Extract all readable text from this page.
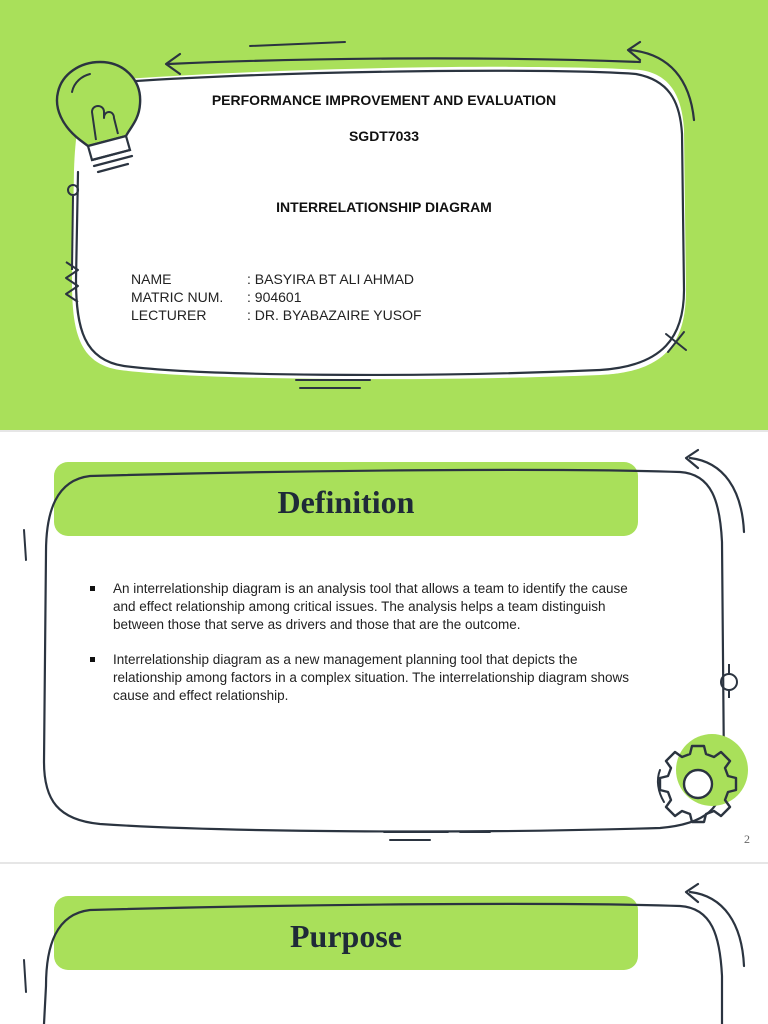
PERFORMANCE IMPROVEMENT AND EVALUATION

SGDT7033

INTERRELATIONSHIP DIAGRAM

NAME	: BASYIRA BT ALI AHMAD
MATRIC NUM. : 904601
LECTURER	: DR. BYABAZAIRE YUSOF
Definition
An interrelationship diagram is an analysis tool that allows a team to identify the cause and effect relationship among critical issues. The analysis helps a team distinguish between those that serve as drivers and those that are the outcome.
Interrelationship diagram as a new management planning tool that depicts the relationship among factors in a complex situation. The interrelationship diagram shows cause and effect relationship.
2
Purpose
